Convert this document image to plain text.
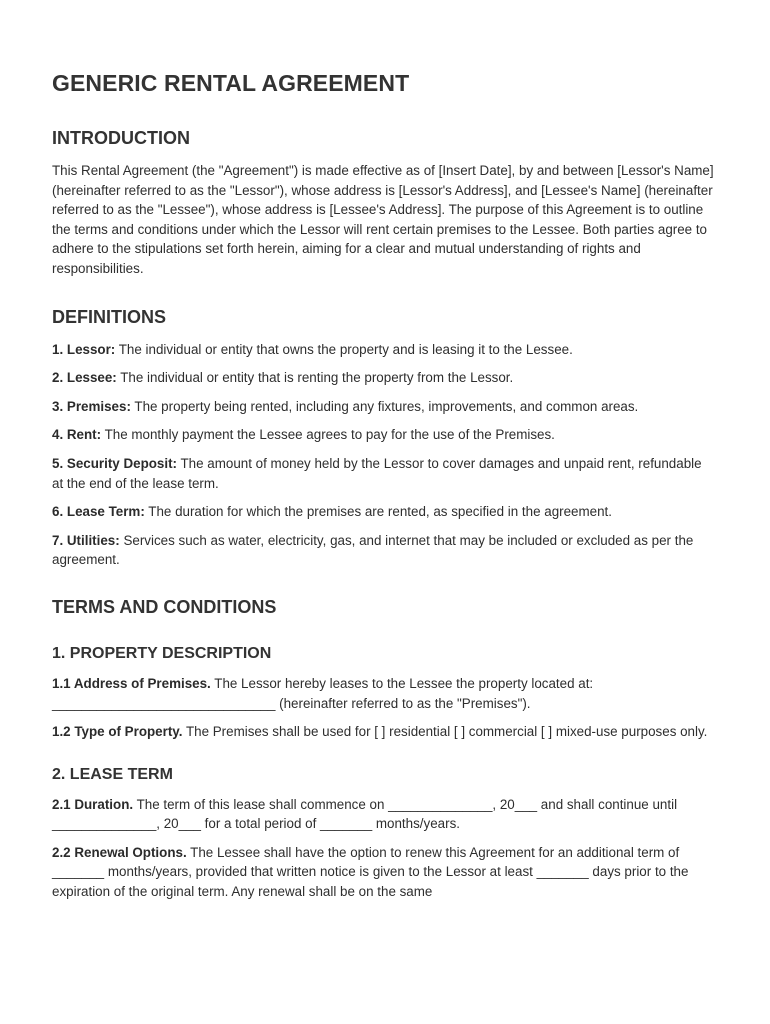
GENERIC RENTAL AGREEMENT
INTRODUCTION

This Rental Agreement (the "Agreement") is made effective as of [Insert Date], by and between [Lessor's Name] (hereinafter referred to as the "Lessor"), whose address is [Lessor's Address], and [Lessee's Name] (hereinafter referred to as the "Lessee"), whose address is [Lessee's Address]. The purpose of this Agreement is to outline the terms and conditions under which the Lessor will rent certain premises to the Lessee. Both parties agree to adhere to the stipulations set forth herein, aiming for a clear and mutual understanding of rights and responsibilities.

DEFINITIONS

1. Lessor: The individual or entity that owns the property and is leasing it to the Lessee.

2. Lessee: The individual or entity that is renting the property from the Lessor.

3. Premises: The property being rented, including any fixtures, improvements, and common areas.

4. Rent: The monthly payment the Lessee agrees to pay for the use of the Premises.

5. Security Deposit: The amount of money held by the Lessor to cover damages and unpaid rent, refundable at the end of the lease term.

6. Lease Term: The duration for which the premises are rented, as specified in the agreement.

7. Utilities: Services such as water, electricity, gas, and internet that may be included or excluded as per the agreement.

TERMS AND CONDITIONS
1. PROPERTY DESCRIPTION

1.1 Address of Premises. The Lessor hereby leases to the Lessee the property located at: ______________________________ (hereinafter referred to as the "Premises").

1.2 Type of Property. The Premises shall be used for [ ] residential [ ] commercial [ ] mixed-use purposes only.

2. LEASE TERM

2.1 Duration. The term of this lease shall commence on ______________, 20___ and shall continue until ______________, 20___ for a total period of _______ months/years.

2.2 Renewal Options. The Lessee shall have the option to renew this Agreement for an additional term of _______ months/years, provided that written notice is given to the Lessor at least _______ days prior to the expiration of the original term. Any renewal shall be on the same
